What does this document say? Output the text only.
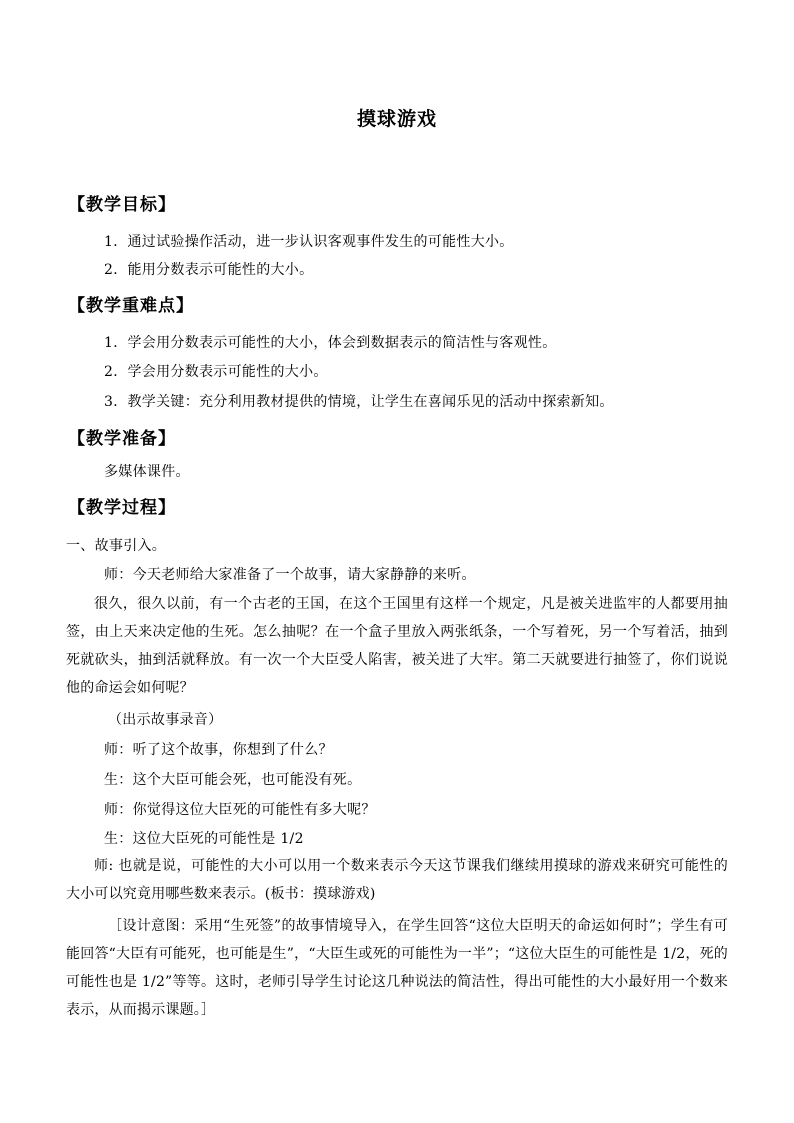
摸球游戏
【教学目标】
1．通过试验操作活动，进一步认识客观事件发生的可能性大小。
2．能用分数表示可能性的大小。
【教学重难点】
1．学会用分数表示可能性的大小，体会到数据表示的简洁性与客观性。
2．学会用分数表示可能性的大小。
3．教学关键：充分利用教材提供的情境，让学生在喜闻乐见的活动中探索新知。
【教学准备】
多媒体课件。
【教学过程】
一、故事引入。
师：今天老师给大家准备了一个故事，请大家静静的来听。
很久，很久以前，有一个古老的王国，在这个王国里有这样一个规定，凡是被关进监牢的人都要用抽签，由上天来决定他的生死。怎么抽呢？在一个盒子里放入两张纸条，一个写着死，另一个写着活，抽到死就砍头，抽到活就释放。有一次一个大臣受人陷害，被关进了大牢。第二天就要进行抽签了，你们说说他的命运会如何呢？
（出示故事录音）
师：听了这个故事，你想到了什么？
生：这个大臣可能会死，也可能没有死。
师：你觉得这位大臣死的可能性有多大呢？
生：这位大臣死的可能性是 1/2
师: 也就是说，可能性的大小可以用一个数来表示今天这节课我们继续用摸球的游戏来研究可能性的大小可以究竟用哪些数来表示。(板书：摸球游戏)
［设计意图：采用“生死签”的故事情境导入，在学生回答“这位大臣明天的命运如何时”；学生有可能回答“大臣有可能死，也可能是生”，“大臣生或死的可能性为一半”；“这位大臣生的可能性是 1/2，死的可能性也是 1/2”等等。这时，老师引导学生讨论这几种说法的简洁性，得出可能性的大小最好用一个数来表示，从而揭示课题。］
